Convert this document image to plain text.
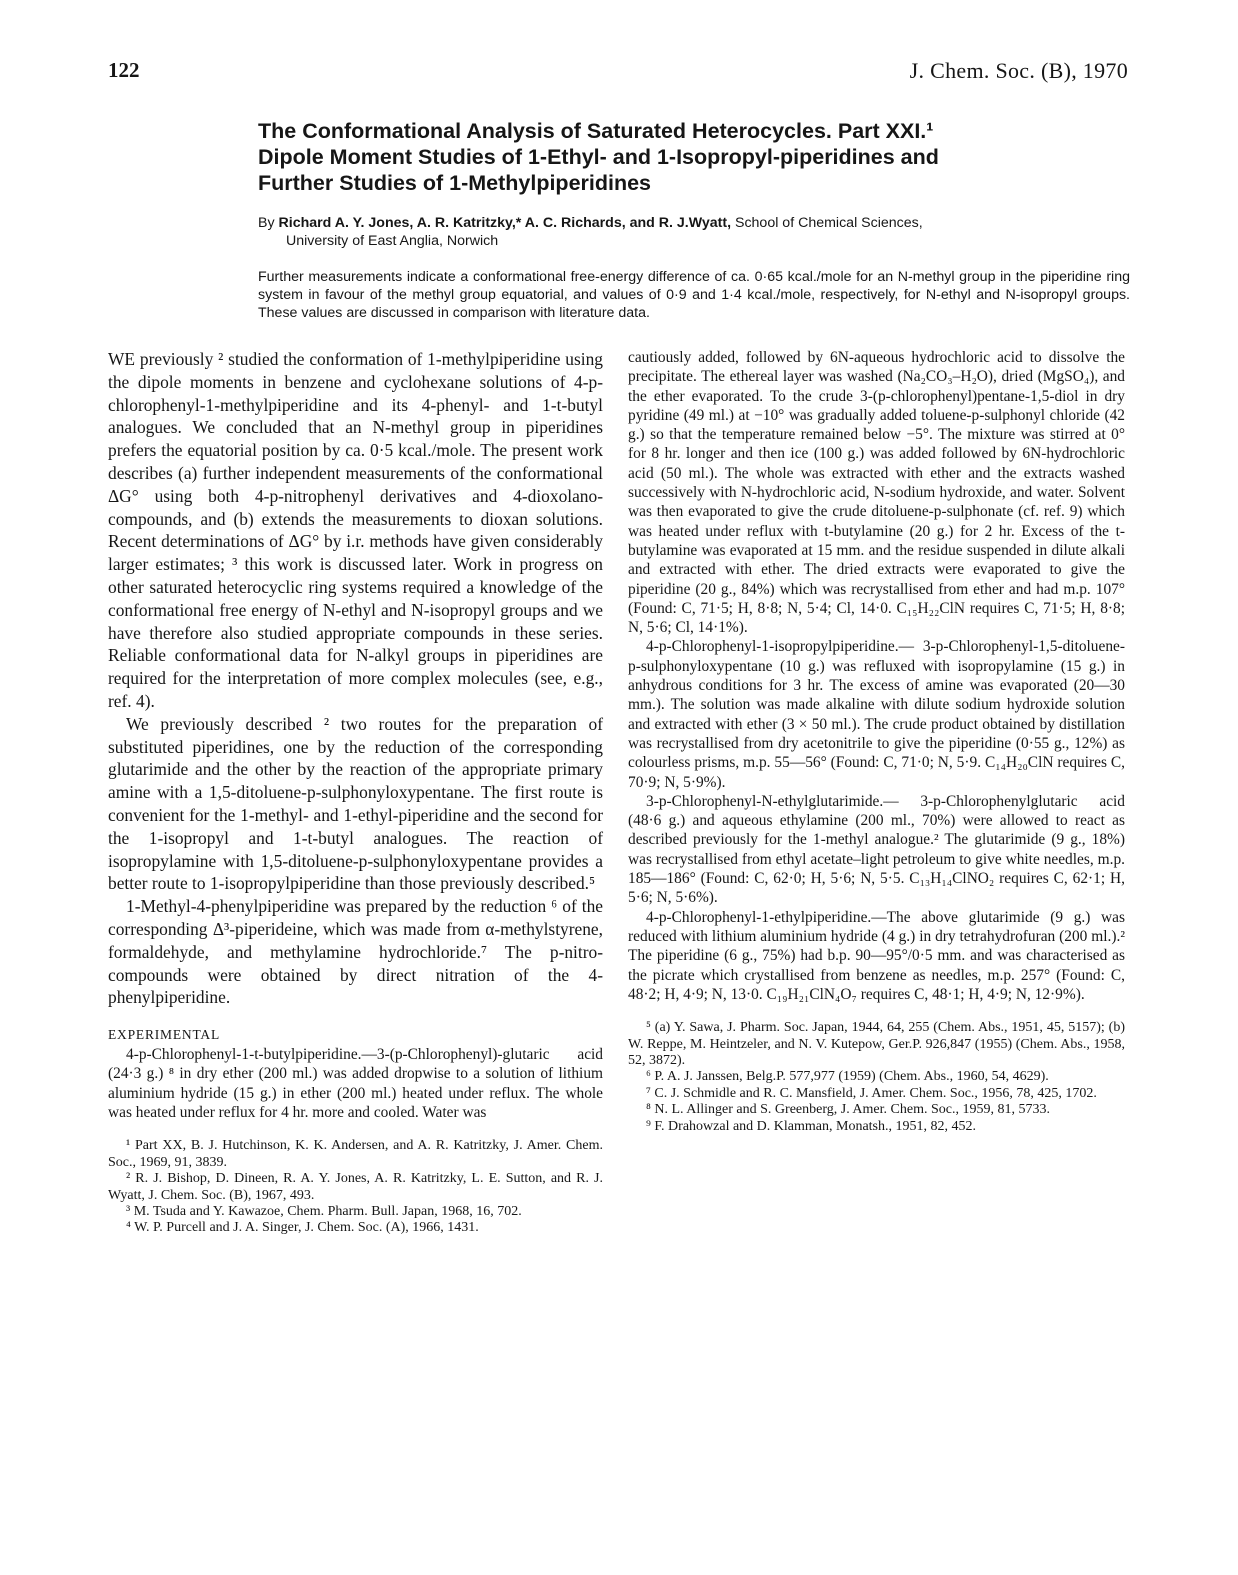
122	J. Chem. Soc. (B), 1970

The Conformational Analysis of Saturated Heterocycles. Part XXI.¹

Dipole Moment Studies of 1-Ethyl- and 1-Isopropyl-piperidines and

Further Studies of 1-Methylpiperidines

By Richard A. Y. Jones, A. R. Katritzky,* A. C. Richards, and R. J.Wyatt, School of Chemical Sciences,

University of East Anglia, Norwich

Further measurements indicate a conformational free-energy difference of ca. 0·65 kcal./mole for an N-methyl group in the piperidine ring system in favour of the methyl group equatorial, and values of 0·9 and 1·4 kcal./mole, respectively, for N-ethyl and N-isopropyl groups. These values are discussed in comparison with literature data.

WE previously ² studied the conformation of 1-methylpiperidine using the dipole moments in benzene and cyclohexane solutions of 4-p-chlorophenyl-1-methylpiperidine and its 4-phenyl- and 1-t-butyl analogues. We concluded that an N-methyl group in piperidines prefers the equatorial position by ca. 0·5 kcal./mole. The present work describes (a) further independent measurements of the conformational ΔG° using both 4-p-nitrophenyl derivatives and 4-dioxolano-compounds, and (b) extends the measurements to dioxan solutions. Recent determinations of ΔG° by i.r. methods have given considerably larger estimates; ³ this work is discussed later. Work in progress on other saturated heterocyclic ring systems required a knowledge of the conformational free energy of N-ethyl and N-isopropyl groups and we have therefore also studied appropriate compounds in these series. Reliable conformational data for N-alkyl groups in piperidines are required for the interpretation of more complex molecules (see, e.g., ref. 4).

We previously described ² two routes for the preparation of substituted piperidines, one by the reduction of the corresponding glutarimide and the other by the reaction of the appropriate primary amine with a 1,5-ditoluene-p-sulphonyloxypentane. The first route is convenient for the 1-methyl- and 1-ethyl-piperidine and the second for the 1-isopropyl and 1-t-butyl analogues. The reaction of isopropylamine with 1,5-ditoluene-p-sulphonyloxypentane provides a better route to 1-isopropylpiperidine than those previously described.⁵

1-Methyl-4-phenylpiperidine was prepared by the reduction ⁶ of the corresponding Δ³-piperideine, which was made from α-methylstyrene, formaldehyde, and methylamine hydrochloride.⁷ The p-nitro-compounds were obtained by direct nitration of the 4-phenylpiperidine.

EXPERIMENTAL

4-p-Chlorophenyl-1-t-butylpiperidine.—3-(p-Chlorophenyl)-glutaric acid (24·3 g.) ⁸ in dry ether (200 ml.) was added dropwise to a solution of lithium aluminium hydride (15 g.) in ether (200 ml.) heated under reflux. The whole was heated under reflux for 4 hr. more and cooled. Water was

¹ Part XX, B. J. Hutchinson, K. K. Andersen, and A. R. Katritzky, J. Amer. Chem. Soc., 1969, 91, 3839.

² R. J. Bishop, D. Dineen, R. A. Y. Jones, A. R. Katritzky, L. E. Sutton, and R. J. Wyatt, J. Chem. Soc. (B), 1967, 493.

³ M. Tsuda and Y. Kawazoe, Chem. Pharm. Bull. Japan, 1968, 16, 702.

⁴ W. P. Purcell and J. A. Singer, J. Chem. Soc. (A), 1966, 1431.

cautiously added, followed by 6N-aqueous hydrochloric acid to dissolve the precipitate. The ethereal layer was washed (Na₂CO₃–H₂O), dried (MgSO₄), and the ether evaporated. To the crude 3-(p-chlorophenyl)pentane-1,5-diol in dry pyridine (49 ml.) at −10° was gradually added toluene-p-sulphonyl chloride (42 g.) so that the temperature remained below −5°. The mixture was stirred at 0° for 8 hr. longer and then ice (100 g.) was added followed by 6N-hydrochloric acid (50 ml.). The whole was extracted with ether and the extracts washed successively with N-hydrochloric acid, N-sodium hydroxide, and water. Solvent was then evaporated to give the crude ditoluene-p-sulphonate (cf. ref. 9) which was heated under reflux with t-butylamine (20 g.) for 2 hr. Excess of the t-butylamine was evaporated at 15 mm. and the residue suspended in dilute alkali and extracted with ether. The dried extracts were evaporated to give the piperidine (20 g., 84%) which was recrystallised from ether and had m.p. 107° (Found: C, 71·5; H, 8·8; N, 5·4; Cl, 14·0. C₁₅H₂₂ClN requires C, 71·5; H, 8·8; N, 5·6; Cl, 14·1%).

4-p-Chlorophenyl-1-isopropylpiperidine.— 3-p-Chlorophenyl-1,5-ditoluene-p-sulphonyloxypentane (10 g.) was refluxed with isopropylamine (15 g.) in anhydrous conditions for 3 hr. The excess of amine was evaporated (20—30 mm.). The solution was made alkaline with dilute sodium hydroxide solution and extracted with ether (3 × 50 ml.). The crude product obtained by distillation was recrystallised from dry acetonitrile to give the piperidine (0·55 g., 12%) as colourless prisms, m.p. 55—56° (Found: C, 71·0; N, 5·9. C₁₄H₂₀ClN requires C, 70·9; N, 5·9%).

3-p-Chlorophenyl-N-ethylglutarimide.— 3-p-Chlorophenylglutaric acid (48·6 g.) and aqueous ethylamine (200 ml., 70%) were allowed to react as described previously for the 1-methyl analogue.² The glutarimide (9 g., 18%) was recrystallised from ethyl acetate–light petroleum to give white needles, m.p. 185—186° (Found: C, 62·0; H, 5·6; N, 5·5. C₁₃H₁₄ClNO₂ requires C, 62·1; H, 5·6; N, 5·6%).

4-p-Chlorophenyl-1-ethylpiperidine.—The above glutarimide (9 g.) was reduced with lithium aluminium hydride (4 g.) in dry tetrahydrofuran (200 ml.).² The piperidine (6 g., 75%) had b.p. 90—95°/0·5 mm. and was characterised as the picrate which crystallised from benzene as needles, m.p. 257° (Found: C, 48·2; H, 4·9; N, 13·0. C₁₉H₂₁ClN₄O₇ requires C, 48·1; H, 4·9; N, 12·9%).

⁵ (a) Y. Sawa, J. Pharm. Soc. Japan, 1944, 64, 255 (Chem. Abs., 1951, 45, 5157); (b) W. Reppe, M. Heintzeler, and N. V. Kutepow, Ger.P. 926,847 (1955) (Chem. Abs., 1958, 52, 3872).

⁶ P. A. J. Janssen, Belg.P. 577,977 (1959) (Chem. Abs., 1960, 54, 4629).

⁷ C. J. Schmidle and R. C. Mansfield, J. Amer. Chem. Soc., 1956, 78, 425, 1702.

⁸ N. L. Allinger and S. Greenberg, J. Amer. Chem. Soc., 1959, 81, 5733.

⁹ F. Drahowzal and D. Klamman, Monatsh., 1951, 82, 452.
